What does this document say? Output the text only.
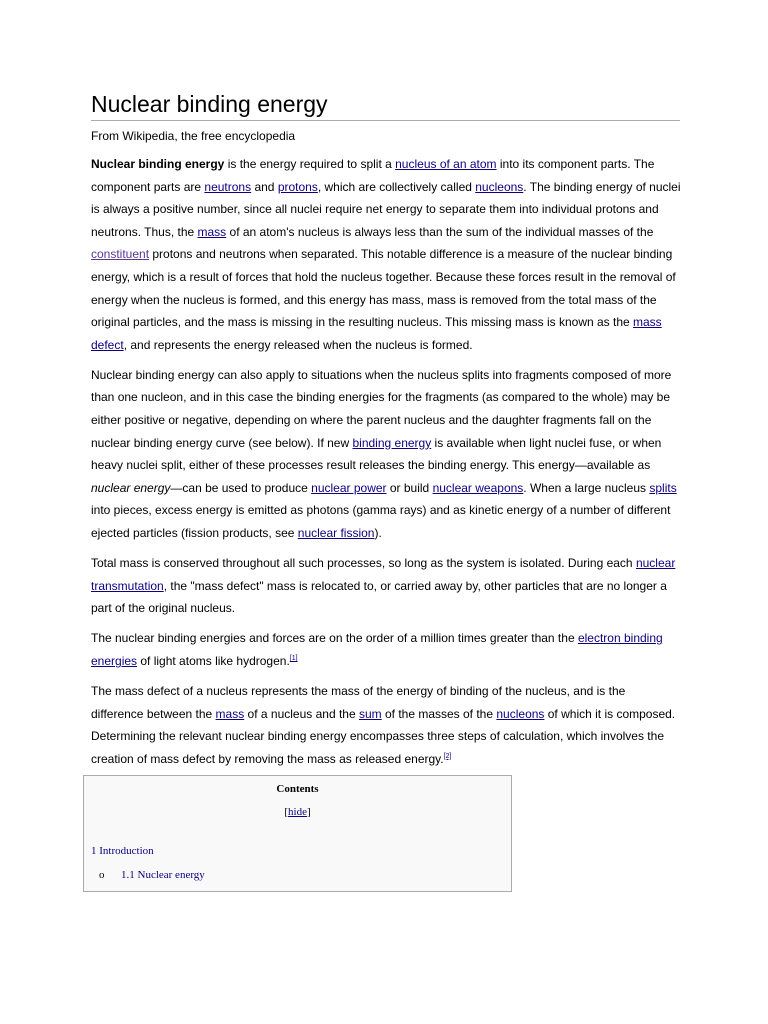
Nuclear binding energy
From Wikipedia, the free encyclopedia

Nuclear binding energy is the energy required to split a nucleus of an atom into its component parts. The component parts are neutrons and protons, which are collectively called nucleons. The binding energy of nuclei is always a positive number, since all nuclei require net energy to separate them into individual protons and neutrons. Thus, the mass of an atom's nucleus is always less than the sum of the individual masses of the constituent protons and neutrons when separated. This notable difference is a measure of the nuclear binding energy, which is a result of forces that hold the nucleus together. Because these forces result in the removal of energy when the nucleus is formed, and this energy has mass, mass is removed from the total mass of the original particles, and the mass is missing in the resulting nucleus. This missing mass is known as the mass defect, and represents the energy released when the nucleus is formed.

Nuclear binding energy can also apply to situations when the nucleus splits into fragments composed of more than one nucleon, and in this case the binding energies for the fragments (as compared to the whole) may be either positive or negative, depending on where the parent nucleus and the daughter fragments fall on the nuclear binding energy curve (see below). If new binding energy is available when light nuclei fuse, or when heavy nuclei split, either of these processes result releases the binding energy. This energy—available as nuclear energy—can be used to produce nuclear power or build nuclear weapons. When a large nucleus splits into pieces, excess energy is emitted as photons (gamma rays) and as kinetic energy of a number of different ejected particles (fission products, see nuclear fission).

Total mass is conserved throughout all such processes, so long as the system is isolated. During each nuclear transmutation, the "mass defect" mass is relocated to, or carried away by, other particles that are no longer a part of the original nucleus.

The nuclear binding energies and forces are on the order of a million times greater than the electron binding energies of light atoms like hydrogen.[1]

The mass defect of a nucleus represents the mass of the energy of binding of the nucleus, and is the difference between the mass of a nucleus and the sum of the masses of the nucleons of which it is composed. Determining the relevant nuclear binding energy encompasses three steps of calculation, which involves the creation of mass defect by removing the mass as released energy.[2]

Contents
[hide]
1 Introduction
o 1.1 Nuclear energy
